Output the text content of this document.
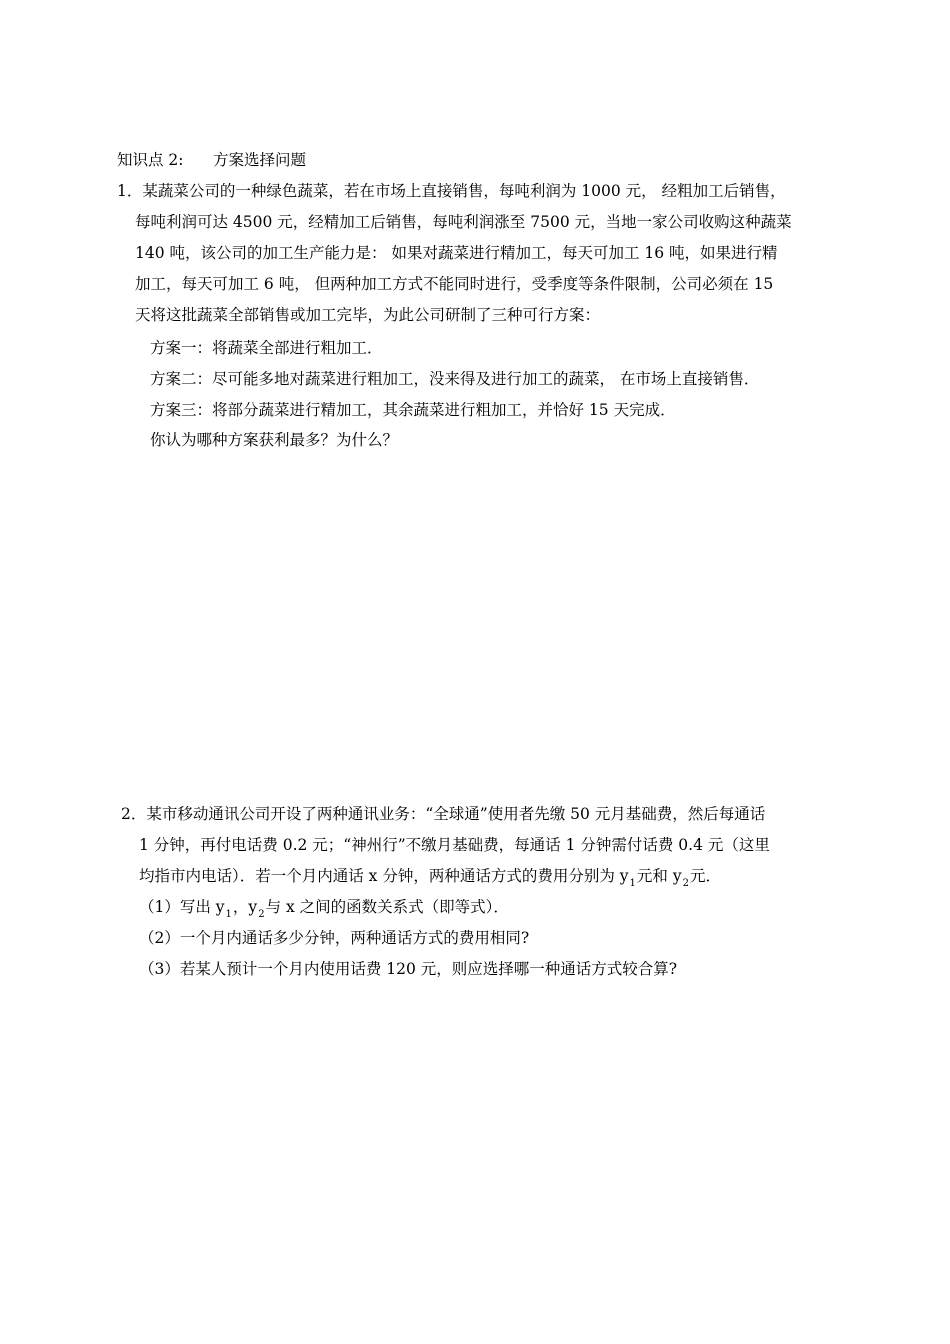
知识点 2: 方案选择问题
1．某蔬菜公司的一种绿色蔬菜，若在市场上直接销售，每吨利润为 1000 元， 经粗加工后销售，
每吨利润可达 4500 元，经精加工后销售，每吨利润涨至 7500 元，当地一家公司收购这种蔬菜
140 吨，该公司的加工生产能力是： 如果对蔬菜进行精加工，每天可加工 16 吨，如果进行精
加工，每天可加工 6 吨， 但两种加工方式不能同时进行，受季度等条件限制，公司必须在 15
天将这批蔬菜全部销售或加工完毕，为此公司研制了三种可行方案：
方案一：将蔬菜全部进行粗加工．
方案二：尽可能多地对蔬菜进行粗加工，没来得及进行加工的蔬菜， 在市场上直接销售．
方案三：将部分蔬菜进行精加工，其余蔬菜进行粗加工，并恰好 15 天完成．
你认为哪种方案获利最多？为什么？
2．某市移动通讯公司开设了两种通讯业务：“全球通”使用者先缴 50 元月基础费，然后每通话
1 分钟，再付电话费 0.2 元；“神州行”不缴月基础费，每通话 1 分钟需付话费 0.4 元（这里
均指市内电话）．若一个月内通话 x 分钟，两种通话方式的费用分别为 $y_1$元和 $y_2$元．
（1）写出 $y_1$，$y_2$与 x 之间的函数关系式（即等式）．
（2）一个月内通话多少分钟，两种通话方式的费用相同?
（3）若某人预计一个月内使用话费 120 元，则应选择哪一种通话方式较合算?
